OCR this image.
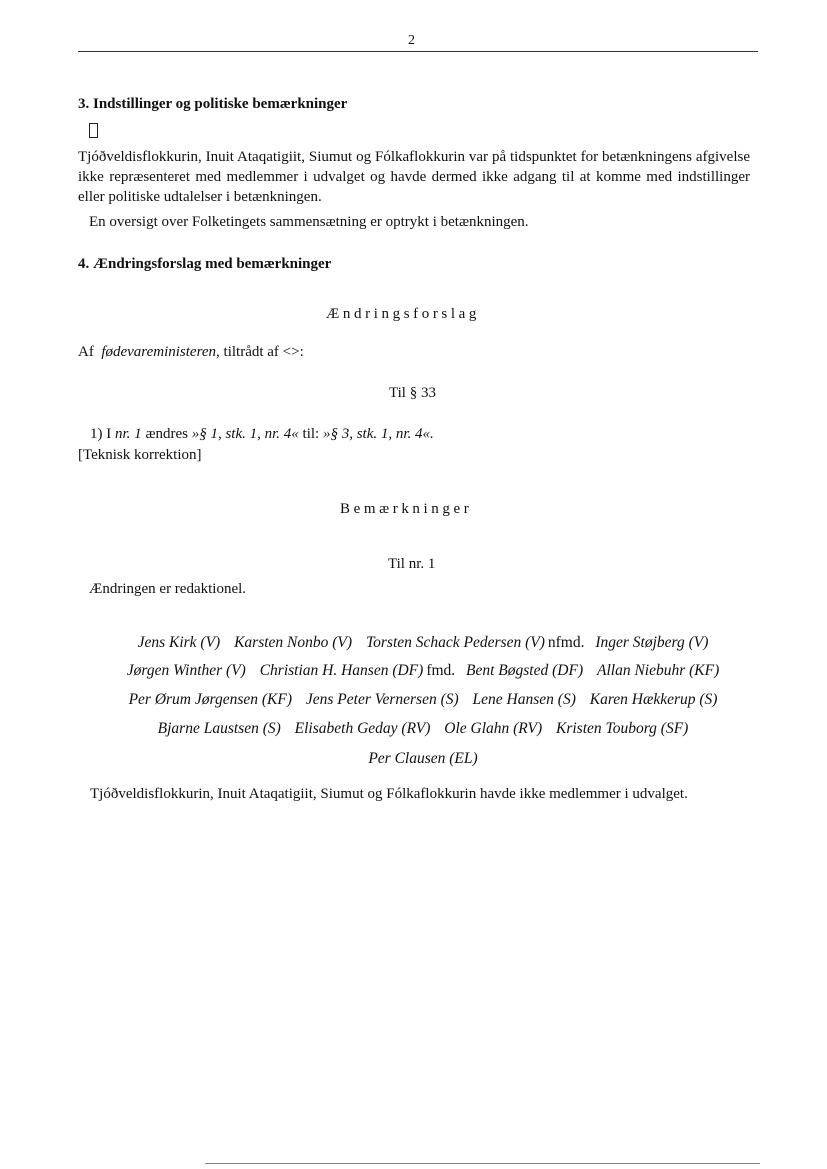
2
3. Indstillinger og politiske bemærkninger
Tjóðveldisflokkurin, Inuit Ataqatigiit, Siumut og Fólkaflokkurin var på tidspunktet for betænkningens afgivelse ikke repræsenteret med medlemmer i udvalget og havde dermed ikke adgang til at komme med indstillinger eller politiske udtalelser i betænkningen.
En oversigt over Folketingets sammensætning er optrykt i betænkningen.
4. Ændringsforslag med bemærkninger
Ændringsforslag
Af fødevareministeren, tiltrådt af <>:
Til § 33
1) I nr. 1 ændres »§ 1, stk. 1, nr. 4« til: »§ 3, stk. 1, nr. 4«.
[Teknisk korrektion]
Bemærkninger
Til nr. 1
Ændringen er redaktionel.
Jens Kirk (V) Karsten Nonbo (V) Torsten Schack Pedersen (V) nfmd. Inger Støjberg (V)
Jørgen Winther (V) Christian H. Hansen (DF) fmd. Bent Bøgsted (DF) Allan Niebuhr (KF)
Per Ørum Jørgensen (KF) Jens Peter Vernersen (S) Lene Hansen (S) Karen Hækkerup (S)
Bjarne Laustsen (S) Elisabeth Geday (RV) Ole Glahn (RV) Kristen Touborg (SF)
Per Clausen (EL)
Tjóðveldisflokkurin, Inuit Ataqatigiit, Siumut og Fólkaflokkurin havde ikke medlemmer i udvalget.
